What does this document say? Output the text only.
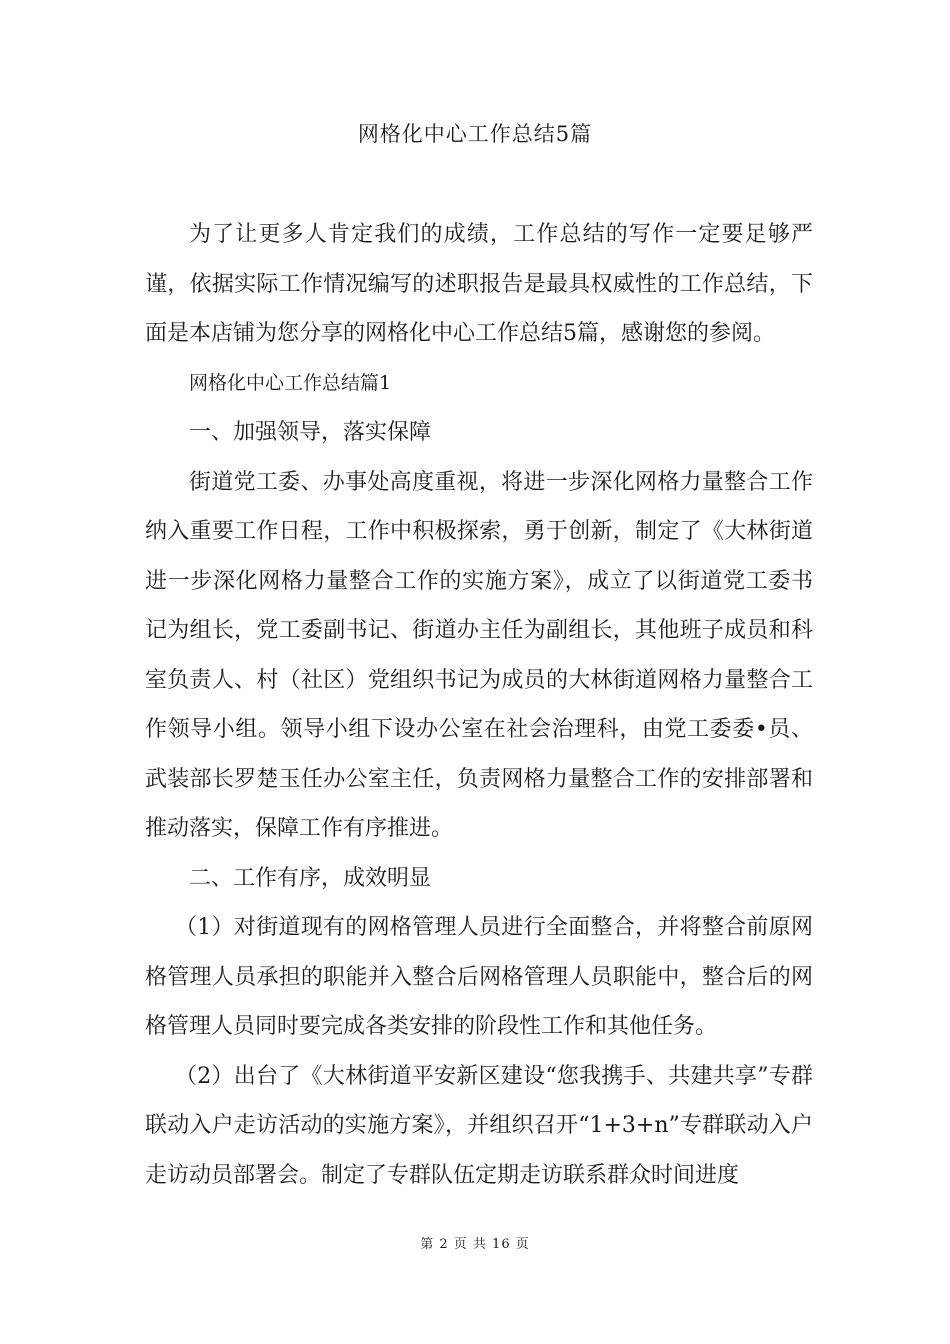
网格化中心工作总结5篇

为了让更多人肯定我们的成绩，工作总结的写作一定要足够严谨，依据实际工作情况编写的述职报告是最具权威性的工作总结，下面是本店铺为您分享的网格化中心工作总结5篇，感谢您的参阅。

网格化中心工作总结篇1

一、加强领导，落实保障

街道党工委、办事处高度重视，将进一步深化网格力量整合工作纳入重要工作日程，工作中积极探索，勇于创新，制定了《大林街道进一步深化网格力量整合工作的实施方案》，成立了以街道党工委书记为组长，党工委副书记、街道办主任为副组长，其他班子成员和科室负责人、村（社区）党组织书记为成员的大林街道网格力量整合工作领导小组。领导小组下设办公室在社会治理科，由党工委委•员、武装部长罗楚玉任办公室主任，负责网格力量整合工作的安排部署和推动落实，保障工作有序推进。

二、工作有序，成效明显

（1）对街道现有的网格管理人员进行全面整合，并将整合前原网格管理人员承担的职能并入整合后网格管理人员职能中，整合后的网格管理人员同时要完成各类安排的阶段性工作和其他任务。

（2）出台了《大林街道平安新区建设“您我携手、共建共享”专群联动入户走访活动的实施方案》，并组织召开“1+3+n”专群联动入户走访动员部署会。制定了专群队伍定期走访联系群众时间进度

第 2 页 共 16 页
